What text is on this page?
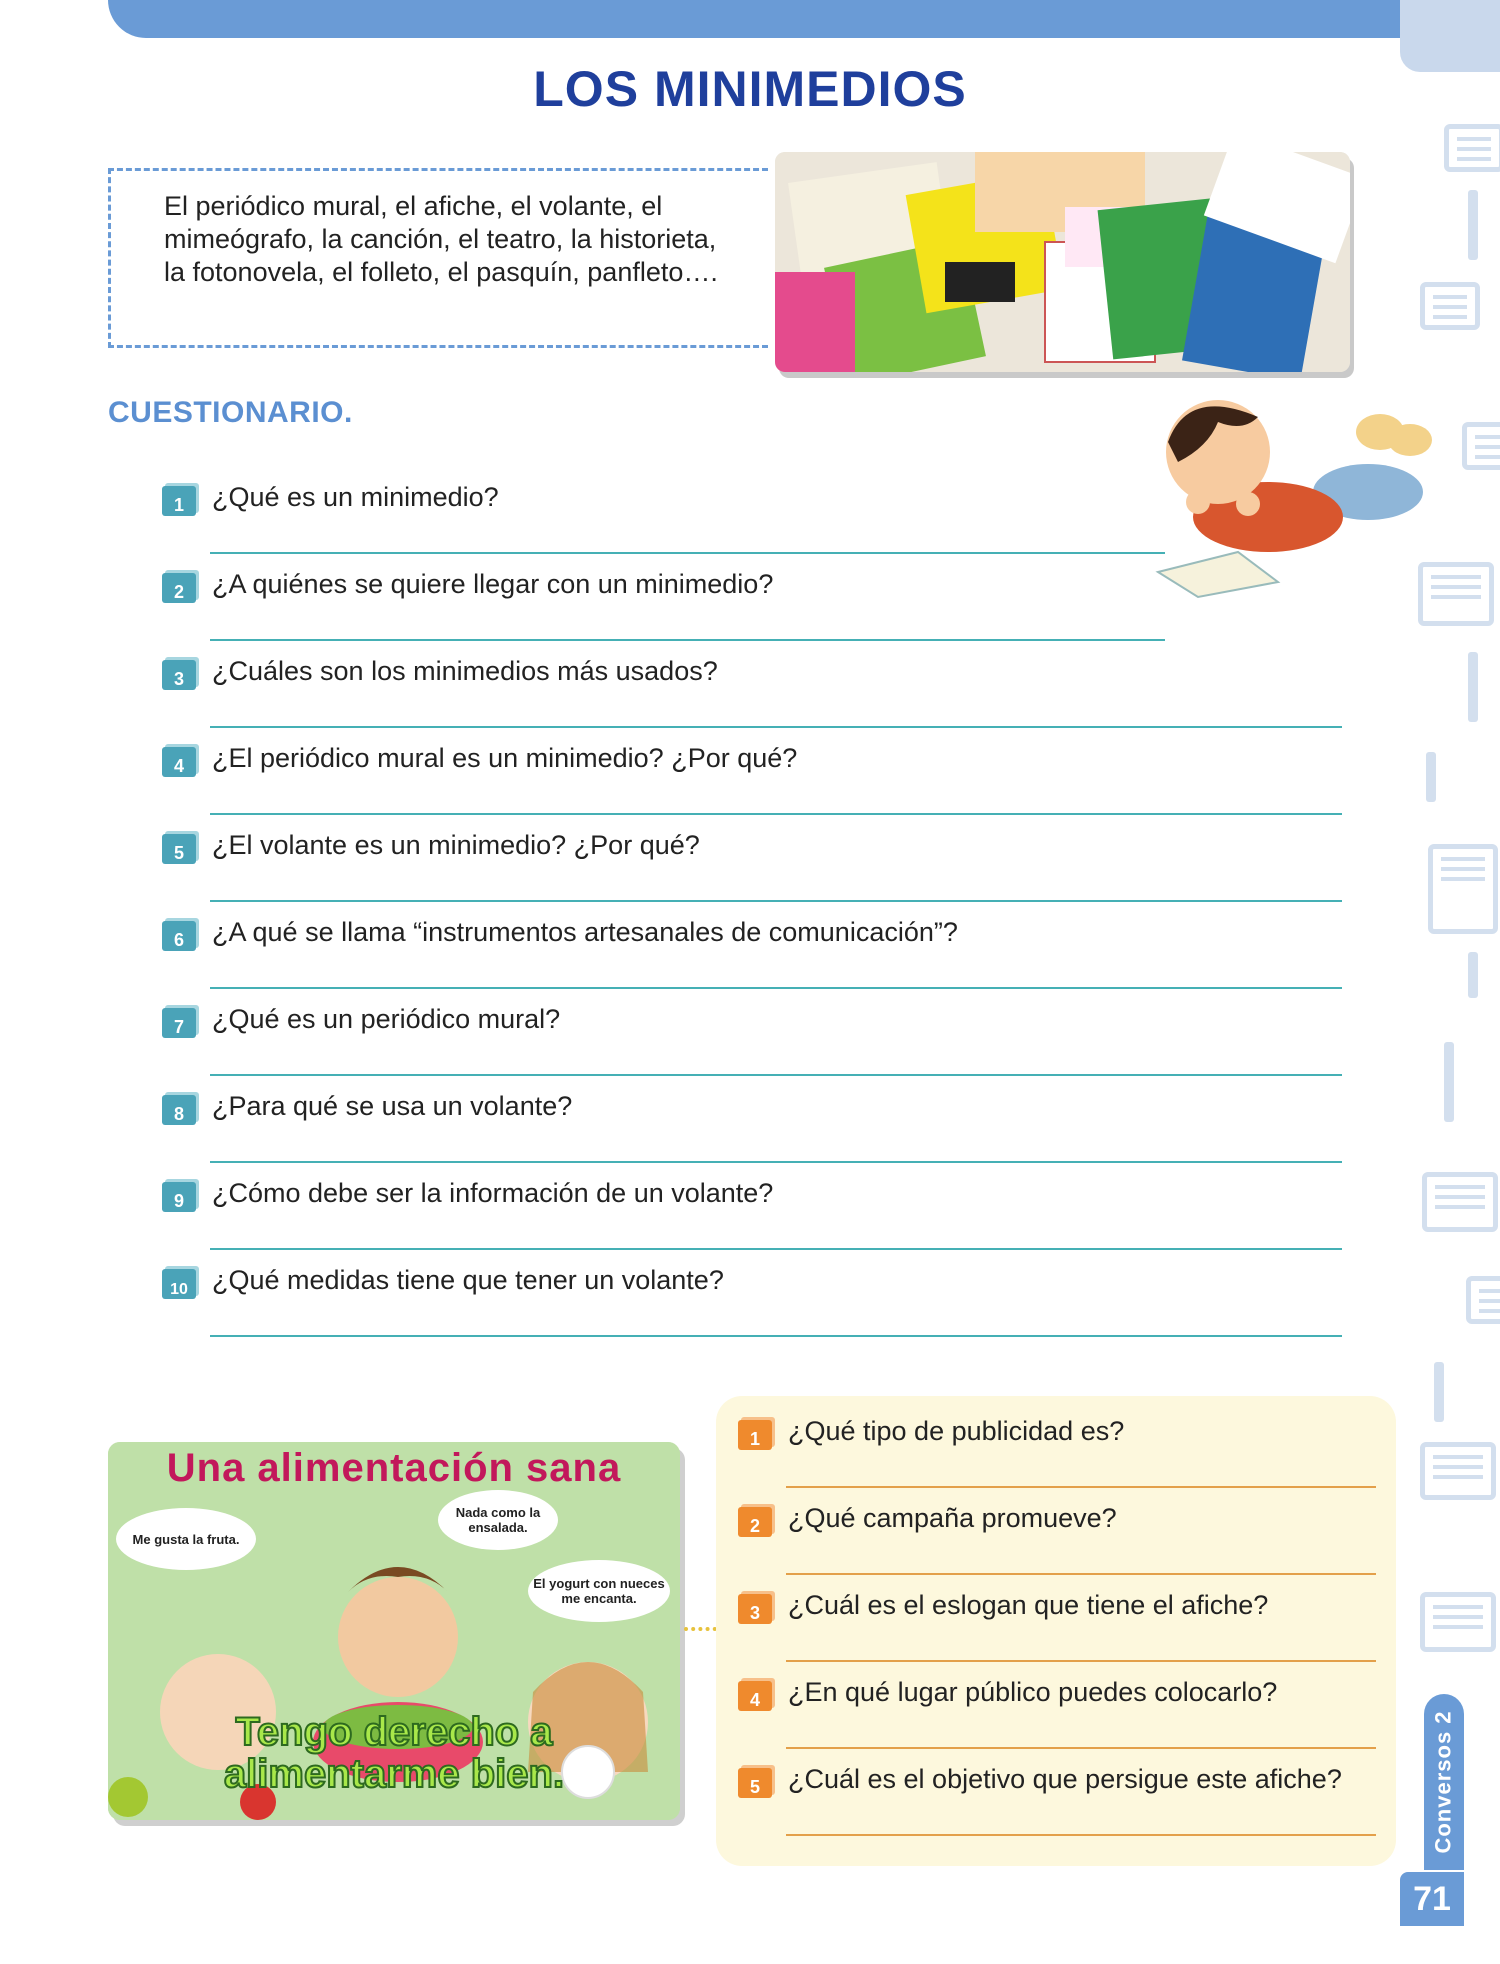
Conversos 2
71
LOS MINIMEDIOS
El periódico mural, el afiche, el volante, el mimeógrafo, la canción, el teatro, la historieta, la fotonovela, el folleto, el pasquín, panfleto….
CUESTIONARIO.
1	¿Qué es un minimedio?
2	¿A quiénes se quiere llegar con un minimedio?
3	¿Cuáles son los minimedios más usados?
4	¿El periódico mural es un minimedio? ¿Por qué?
5	¿El volante es un minimedio? ¿Por qué?
6	¿A qué se llama “instrumentos artesanales de comunicación”?
7	¿Qué es un periódico mural?
8	¿Para qué se usa un volante?
9	¿Cómo debe ser la información de un volante?
10 ¿Qué medidas tiene que tener un volante?
Una alimentación sana
Me gusta la fruta.
Nada como la ensalada.
El yogurt con nueces me encanta.
Tengo derecho a
alimentarme bien.
1	¿Qué tipo de publicidad es?
2	¿Qué campaña promueve?
3	¿Cuál es el eslogan que tiene el afiche?
4	¿En qué lugar público puedes colocarlo?
5	¿Cuál es el objetivo que persigue este afiche?
